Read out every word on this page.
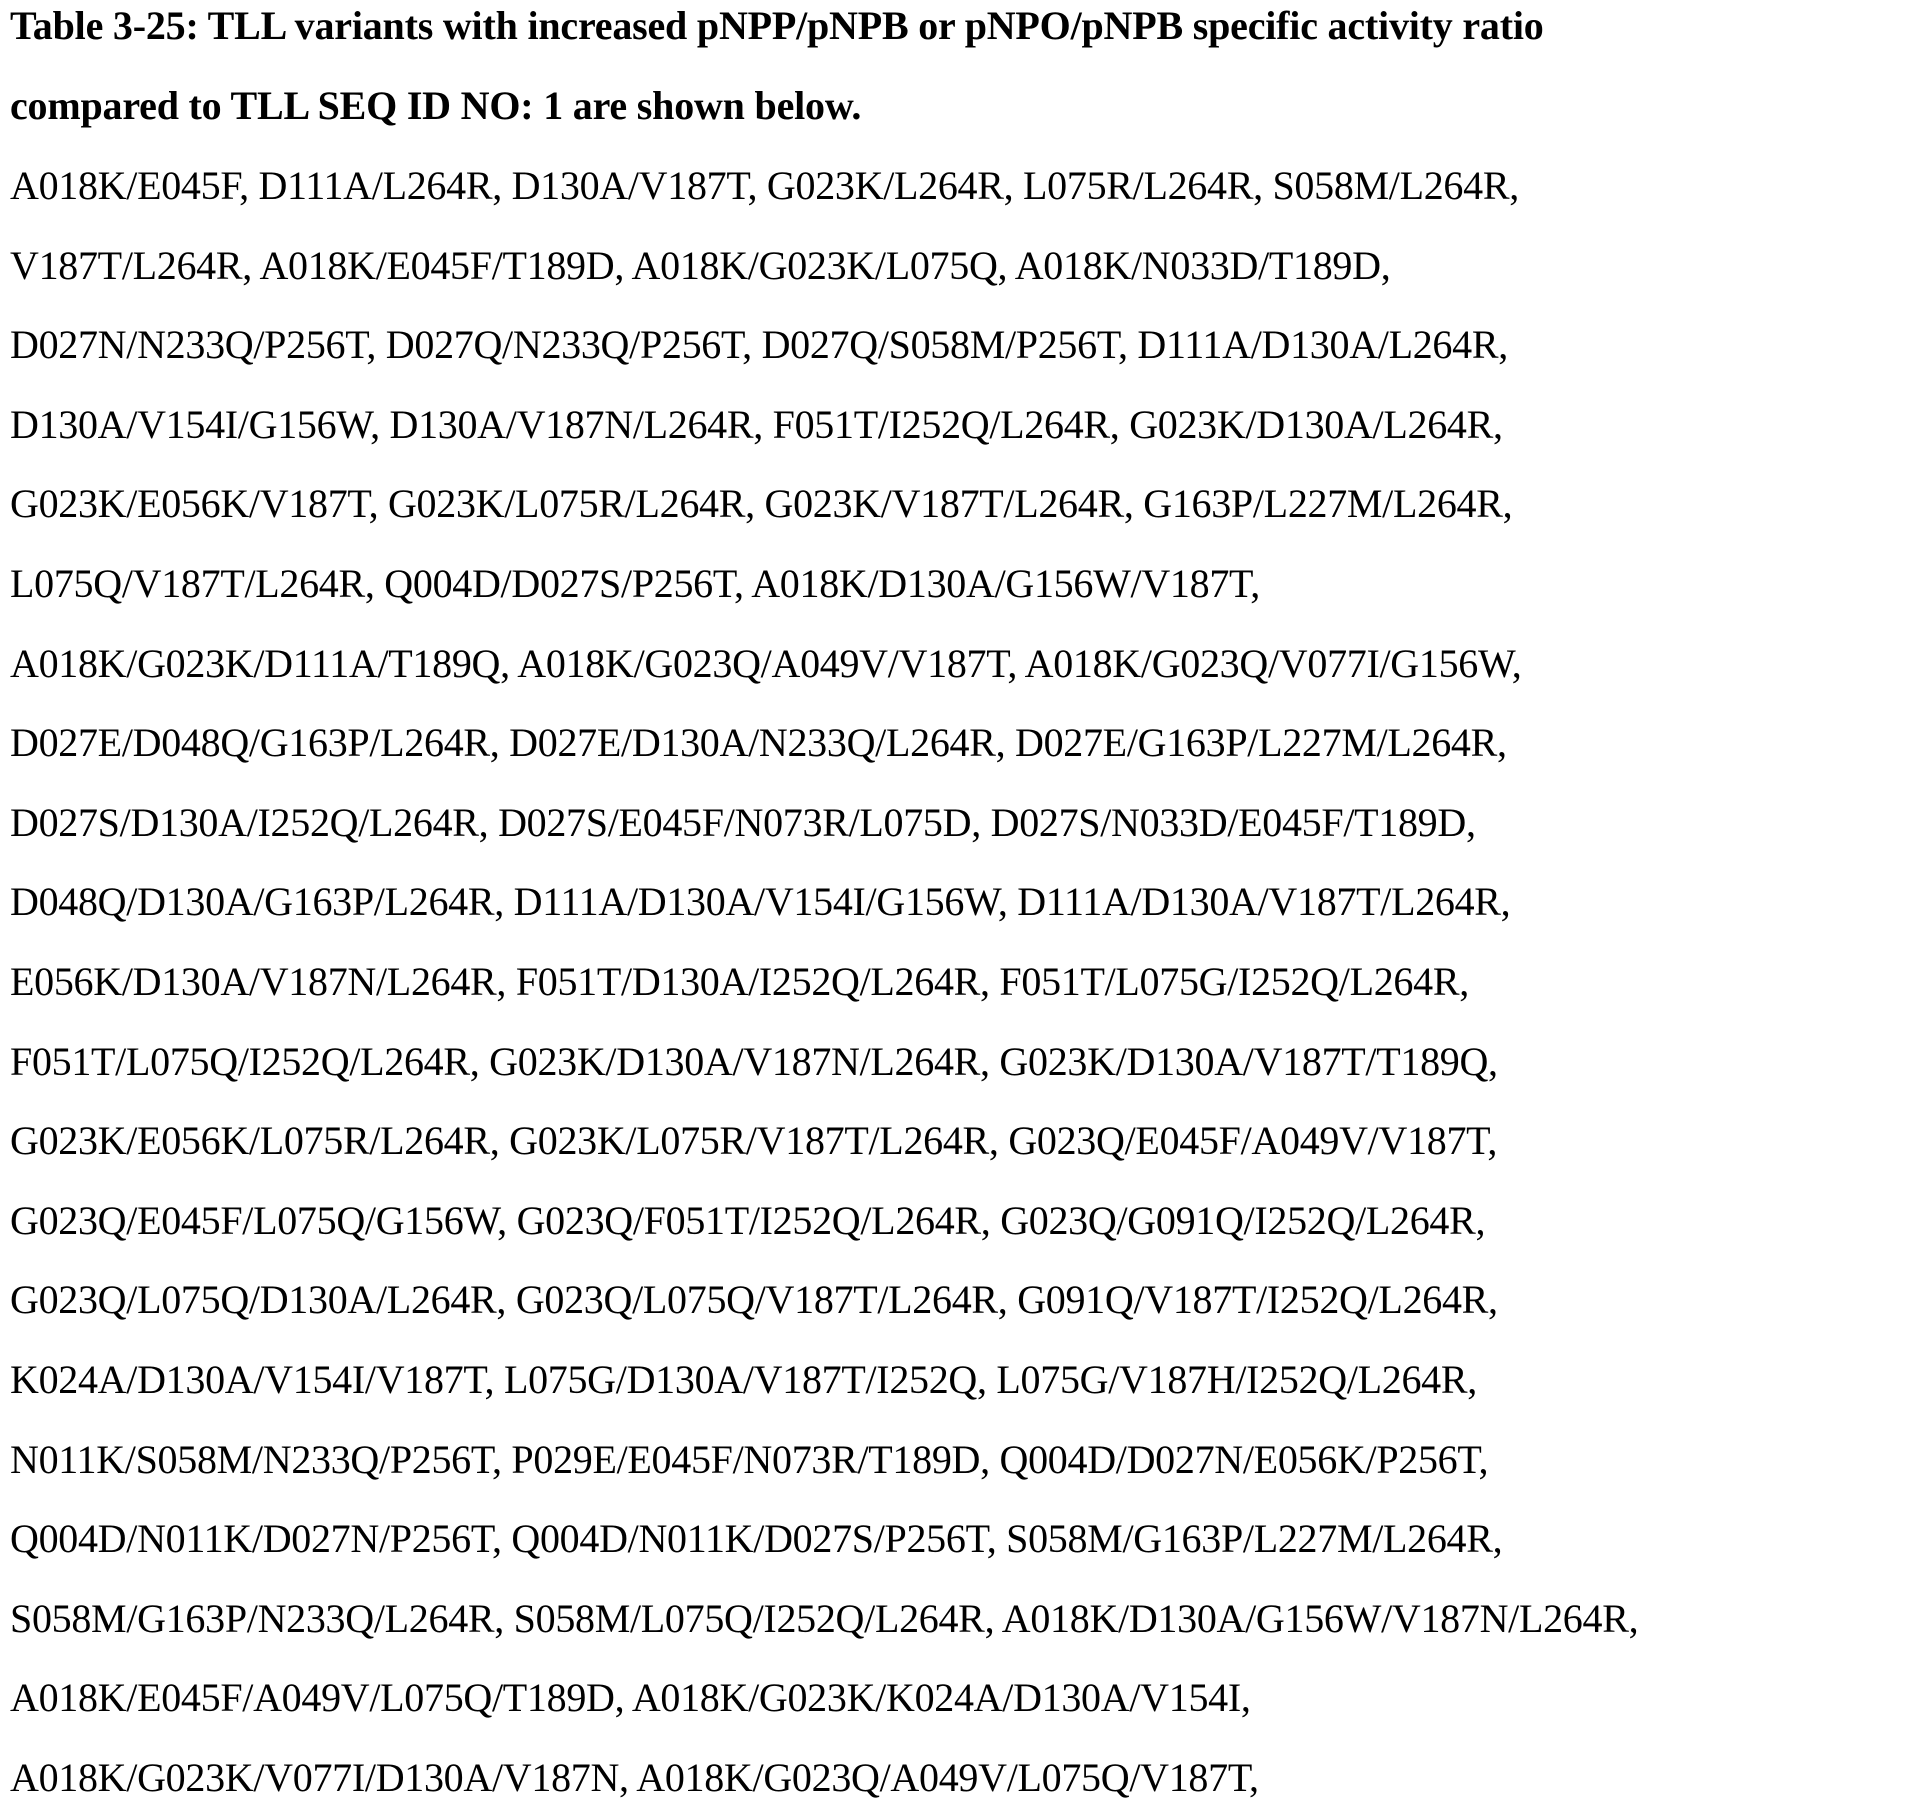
Table 3-25: TLL variants with increased pNPP/pNPB or pNPO/pNPB specific activity ratio
compared to TLL SEQ ID NO: 1 are shown below.
A018K/E045F, D111A/L264R, D130A/V187T, G023K/L264R, L075R/L264R, S058M/L264R,
V187T/L264R, A018K/E045F/T189D, A018K/G023K/L075Q, A018K/N033D/T189D,
D027N/N233Q/P256T, D027Q/N233Q/P256T, D027Q/S058M/P256T, D111A/D130A/L264R,
D130A/V154I/G156W, D130A/V187N/L264R, F051T/I252Q/L264R, G023K/D130A/L264R,
G023K/E056K/V187T, G023K/L075R/L264R, G023K/V187T/L264R, G163P/L227M/L264R,
L075Q/V187T/L264R, Q004D/D027S/P256T, A018K/D130A/G156W/V187T,
A018K/G023K/D111A/T189Q, A018K/G023Q/A049V/V187T, A018K/G023Q/V077I/G156W,
D027E/D048Q/G163P/L264R, D027E/D130A/N233Q/L264R, D027E/G163P/L227M/L264R,
D027S/D130A/I252Q/L264R, D027S/E045F/N073R/L075D, D027S/N033D/E045F/T189D,
D048Q/D130A/G163P/L264R, D111A/D130A/V154I/G156W, D111A/D130A/V187T/L264R,
E056K/D130A/V187N/L264R, F051T/D130A/I252Q/L264R, F051T/L075G/I252Q/L264R,
F051T/L075Q/I252Q/L264R, G023K/D130A/V187N/L264R, G023K/D130A/V187T/T189Q,
G023K/E056K/L075R/L264R, G023K/L075R/V187T/L264R, G023Q/E045F/A049V/V187T,
G023Q/E045F/L075Q/G156W, G023Q/F051T/I252Q/L264R, G023Q/G091Q/I252Q/L264R,
G023Q/L075Q/D130A/L264R, G023Q/L075Q/V187T/L264R, G091Q/V187T/I252Q/L264R,
K024A/D130A/V154I/V187T, L075G/D130A/V187T/I252Q, L075G/V187H/I252Q/L264R,
N011K/S058M/N233Q/P256T, P029E/E045F/N073R/T189D, Q004D/D027N/E056K/P256T,
Q004D/N011K/D027N/P256T, Q004D/N011K/D027S/P256T, S058M/G163P/L227M/L264R,
S058M/G163P/N233Q/L264R, S058M/L075Q/I252Q/L264R, A018K/D130A/G156W/V187N/L264R,
A018K/E045F/A049V/L075Q/T189D, A018K/G023K/K024A/D130A/V154I,
A018K/G023K/V077I/D130A/V187N, A018K/G023Q/A049V/L075Q/V187T,
